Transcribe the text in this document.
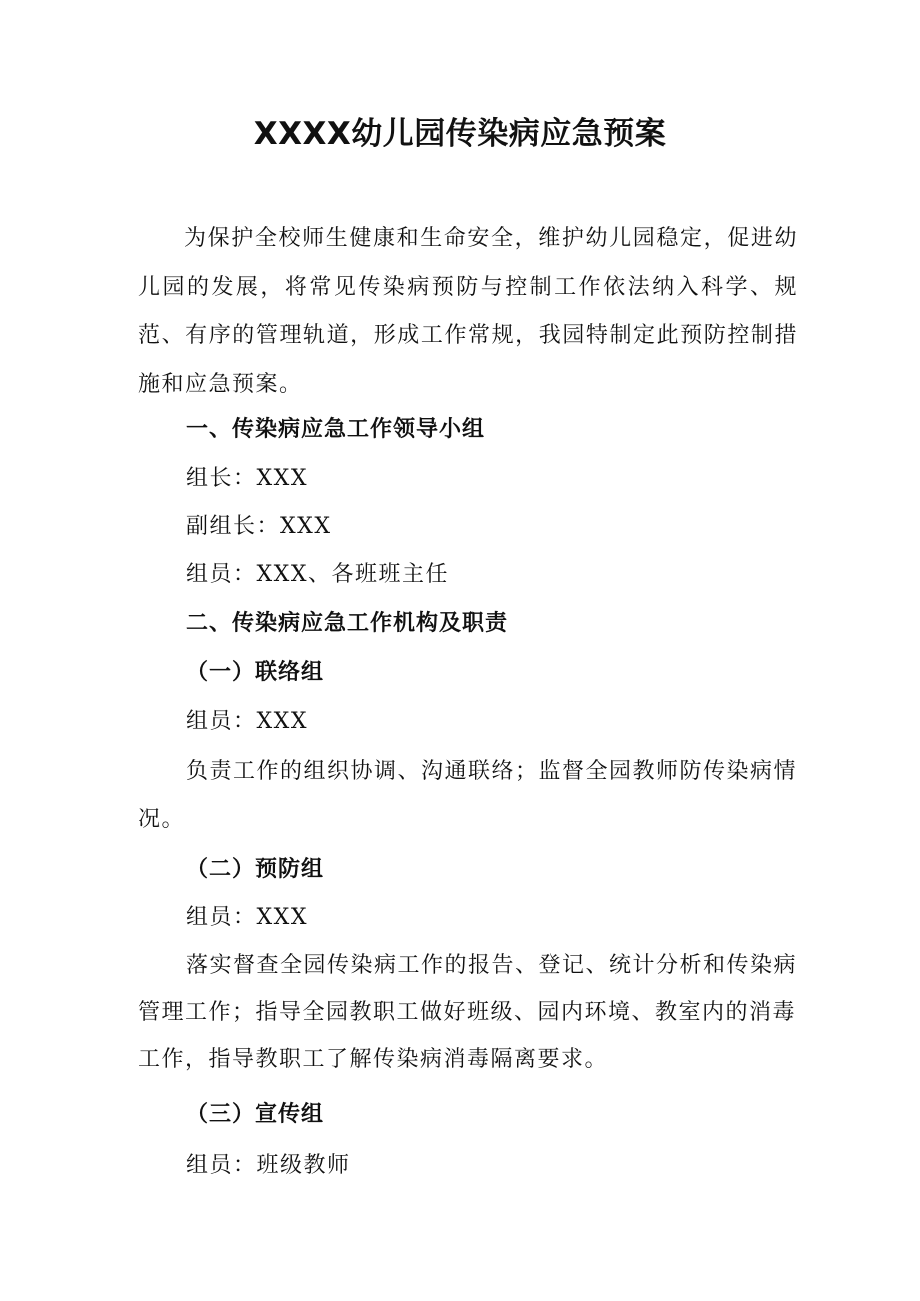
XXXX幼儿园传染病应急预案
为保护全校师生健康和生命安全，维护幼儿园稳定，促进幼儿园的发展，将常见传染病预防与控制工作依法纳入科学、规范、有序的管理轨道，形成工作常规，我园特制定此预防控制措施和应急预案。
一、传染病应急工作领导小组
组长：XXX
副组长：XXX
组员：XXX、各班班主任
二、传染病应急工作机构及职责
（一）联络组
组员：XXX
负责工作的组织协调、沟通联络；监督全园教师防传染病情
况。
（二）预防组
组员：XXX
落实督查全园传染病工作的报告、登记、统计分析和传染病
管理工作；指导全园教职工做好班级、园内环境、教室内的消毒
工作，指导教职工了解传染病消毒隔离要求。
（三）宣传组
组员：班级教师
